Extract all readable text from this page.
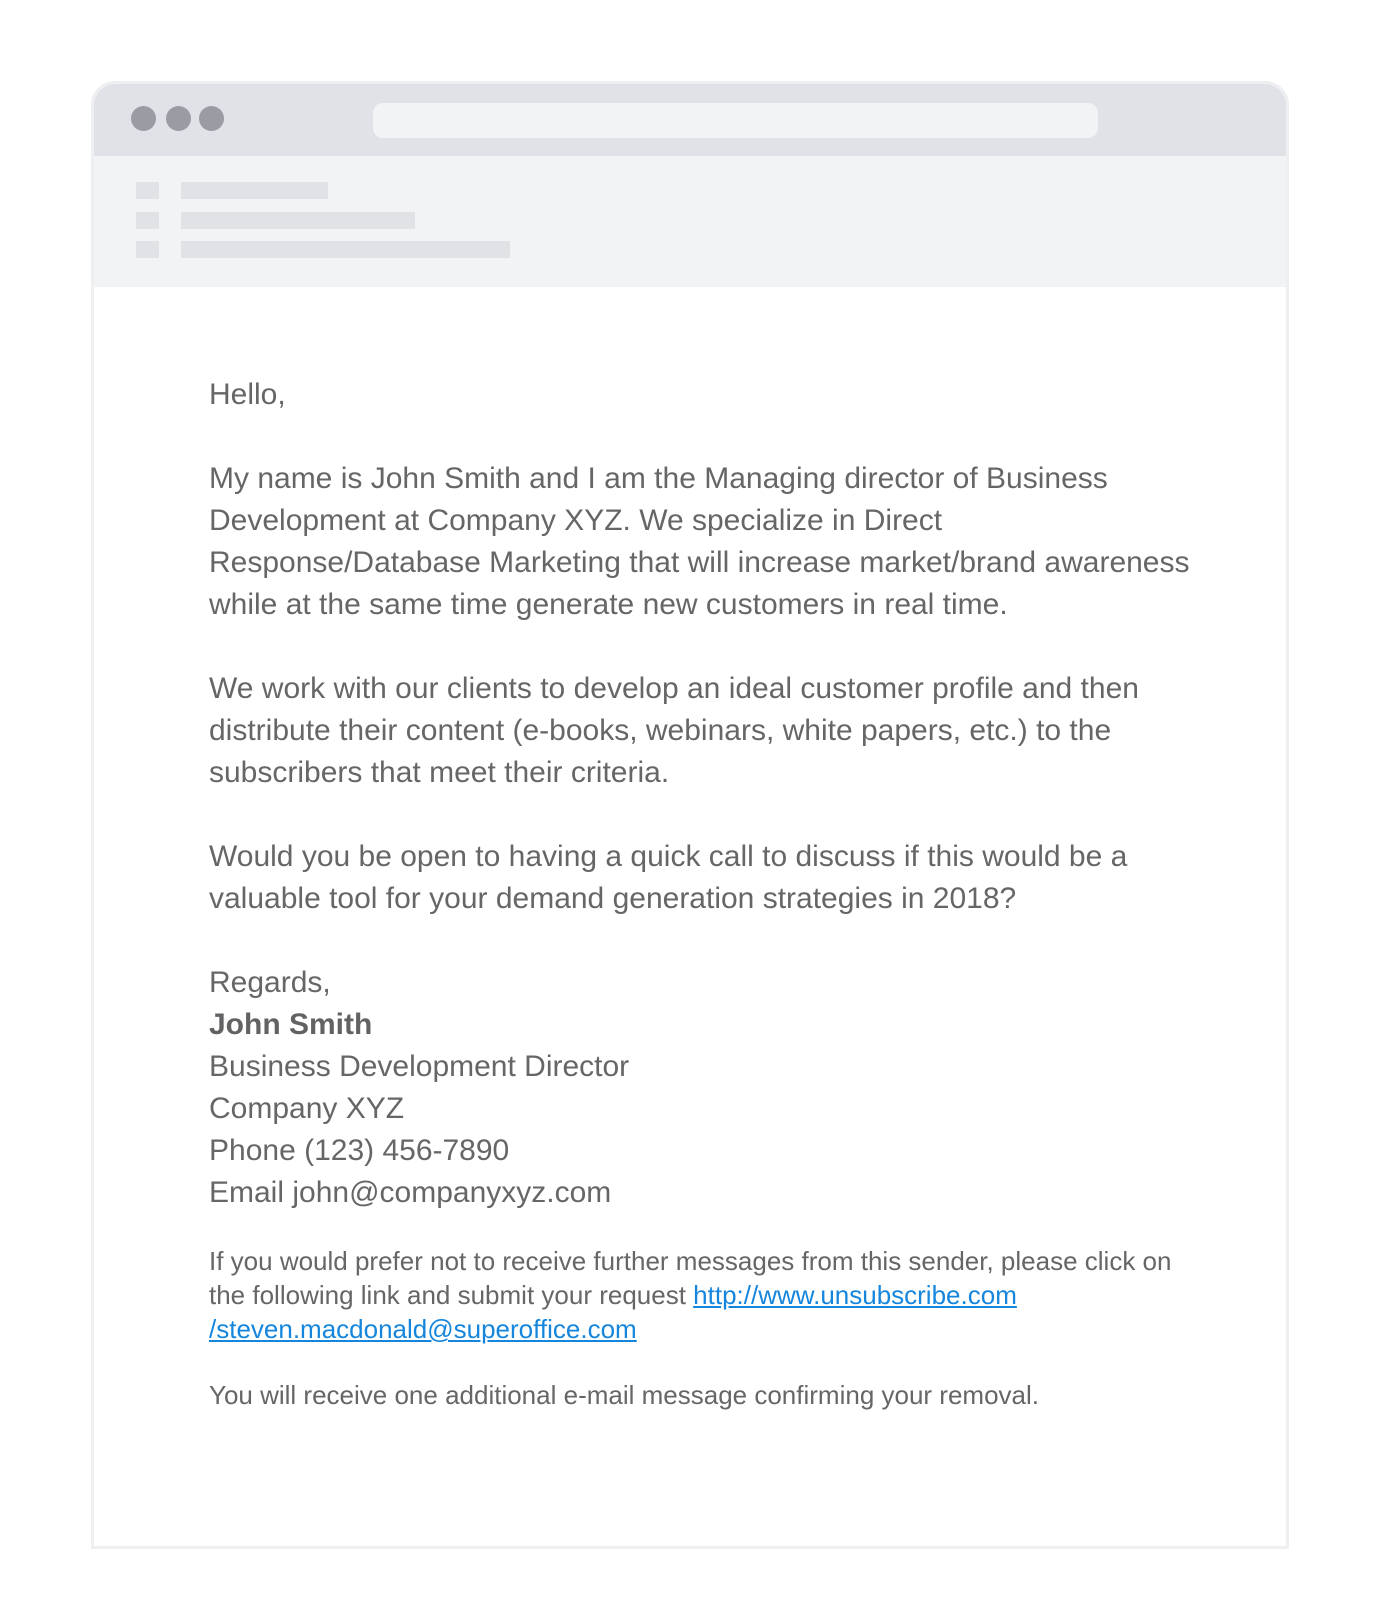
Hello,

My name is John Smith and I am the Managing director of Business Development at Company XYZ. We specialize in Direct Response/Database Marketing that will increase market/brand awareness while at the same time generate new customers in real time.

We work with our clients to develop an ideal customer profile and then distribute their content (e-books, webinars, white papers, etc.) to the subscribers that meet their criteria.

Would you be open to having a quick call to discuss if this would be a valuable tool for your demand generation strategies in 2018?

Regards,
John Smith
Business Development Director
Company XYZ
Phone (123) 456-7890
Email john@companyxyz.com

If you would prefer not to receive further messages from this sender, please click on the following link and submit your request http://www.unsubscribe.com
/steven.macdonald@superoffice.com

You will receive one additional e-mail message confirming your removal.
